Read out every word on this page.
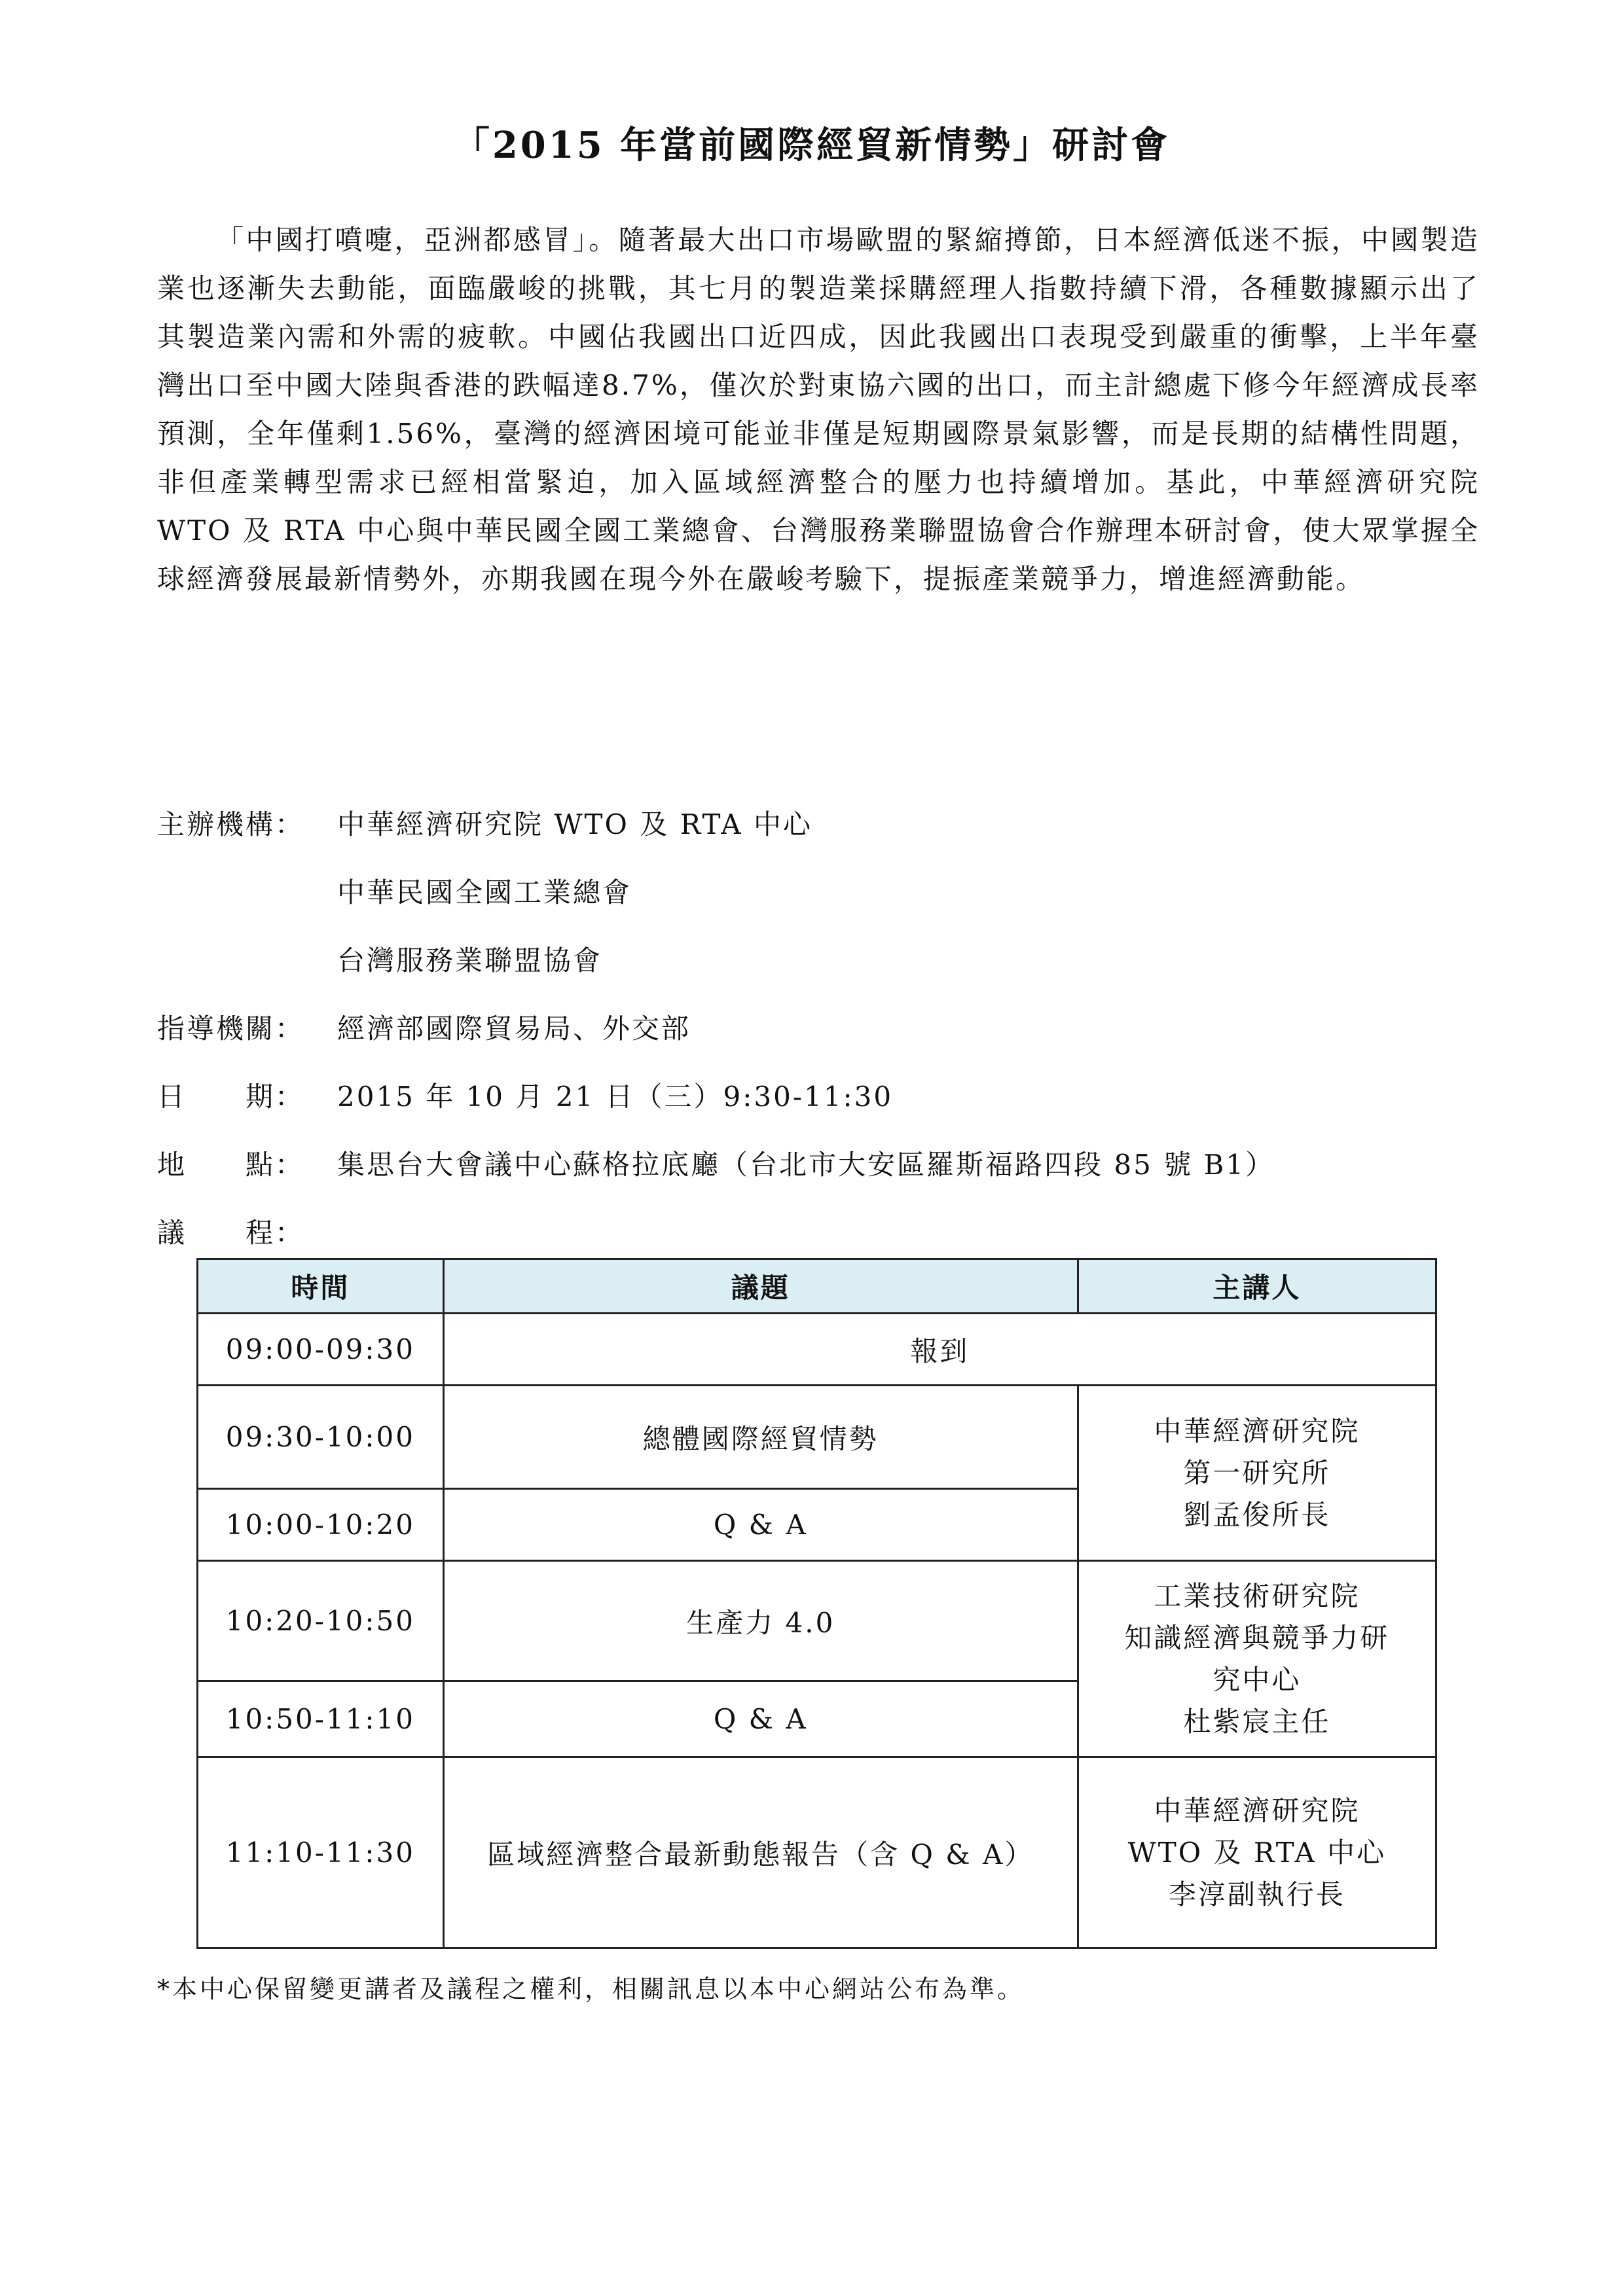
「2015 年當前國際經貿新情勢」研討會

「中國打噴嚏，亞洲都感冒」。隨著最大出口市場歐盟的緊縮撙節，日本經濟低迷不振，中國製造業也逐漸失去動能，面臨嚴峻的挑戰，其七月的製造業採購經理人指數持續下滑，各種數據顯示出了其製造業內需和外需的疲軟。中國佔我國出口近四成，因此我國出口表現受到嚴重的衝擊，上半年臺灣出口至中國大陸與香港的跌幅達8.7%，僅次於對東協六國的出口，而主計總處下修今年經濟成長率預測，全年僅剩1.56%，臺灣的經濟困境可能並非僅是短期國際景氣影響，而是長期的結構性問題，非但產業轉型需求已經相當緊迫，加入區域經濟整合的壓力也持續增加。基此，中華經濟研究院 WTO 及 RTA 中心與中華民國全國工業總會、台灣服務業聯盟協會合作辦理本研討會，使大眾掌握全球經濟發展最新情勢外，亦期我國在現今外在嚴峻考驗下，提振產業競爭力，增進經濟動能。

主辦機構：	中華經濟研究院 WTO 及 RTA 中心
中華民國全國工業總會
台灣服務業聯盟協會
指導機關：	經濟部國際貿易局、外交部
日　　期：	2015 年 10 月 21 日（三）9:30-11:30
地　　點：	集思台大會議中心蘇格拉底廳（台北市大安區羅斯福路四段 85 號 B1）
議　　程：
時間	議題	主講人
09:00-09:30	報到	
09:30-10:00	總體國際經貿情勢	中華經濟研究院
第一研究所
劉孟俊所長

10:00-10:20	Q & A	
10:20-10:50	生產力 4.0	工業技術研究院
知識經濟與競爭力研
究中心
杜紫宸主任

10:50-11:10	Q & A	
11:10-11:30	區域經濟整合最新動態報告（含 Q & A）	中華經濟研究院
WTO 及 RTA 中心
李淳副執行長
*本中心保留變更講者及議程之權利，相關訊息以本中心網站公布為準。
